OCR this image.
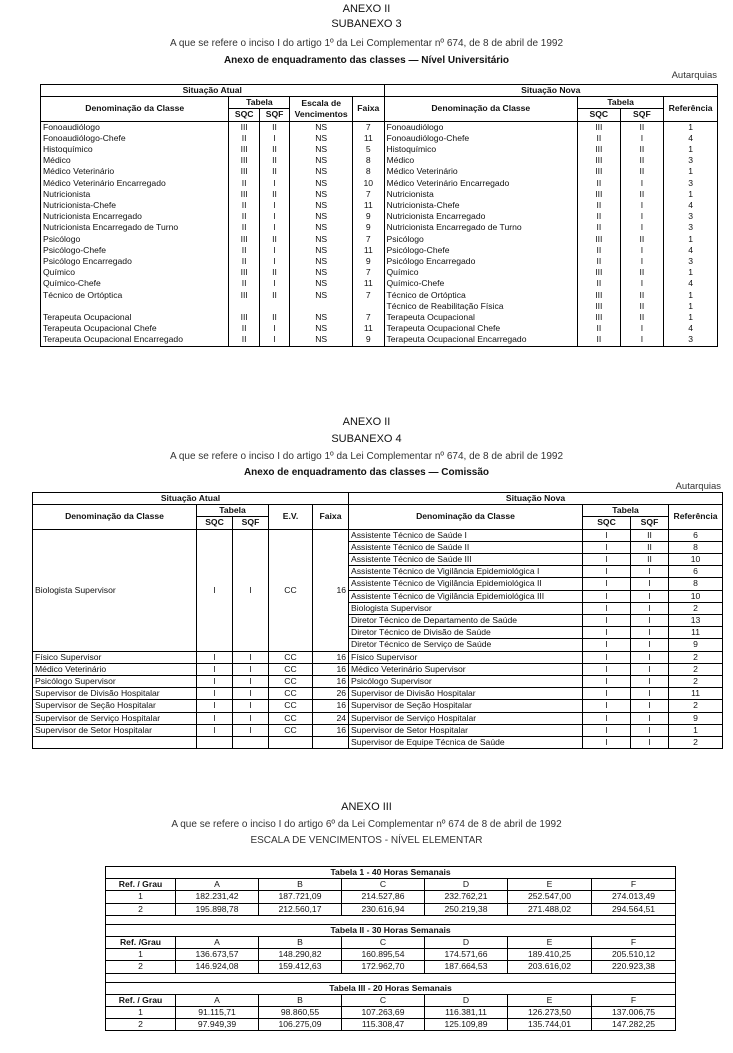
ANEXO II
SUBANEXO 3
A que se refere o inciso I do artigo 1º da Lei Complementar nº 674, de 8 de abril de 1992
Anexo de enquadramento das classes — Nível Universitário
Autarquias
Situação Atual					Situação Nova			
Denominação da Classe	Tabela		Escala de Vencimentos	Faixa	Denominação da Classe	Tabela		Referência
	SQC	SQF				SQC	SQF	
Fonoaudiólogo	III	II	NS	7	Fonoaudiólogo	III	II	1
Fonoaudiólogo-Chefe	II	I	NS	11	Fonoaudiólogo-Chefe	II	I	4
Histoquímico	III	II	NS	5	Histoquímico	III	II	1
Médico	III	II	NS	8	Médico	III	II	3
Médico Veterinário	III	II	NS	8	Médico Veterinário	III	II	1
Médico Veterinário Encarregado	II	I	NS	10	Médico Veterinário Encarregado	II	I	3
Nutricionista	III	II	NS	7	Nutricionista	III	II	1
Nutricionista-Chefe	II	I	NS	11	Nutricionista-Chefe	II	I	4
Nutricionista Encarregado	II	I	NS	9	Nutricionista Encarregado	II	I	3
Nutricionista Encarregado de Turno	II	I	NS	9	Nutricionista Encarregado de Turno	II	I	3
Psicólogo	III	II	NS	7	Psicólogo	III	II	1
Psicólogo-Chefe	II	I	NS	11	Psicólogo-Chefe	II	I	4
Psicólogo Encarregado	II	I	NS	9	Psicólogo Encarregado	II	I	3
Químico	III	II	NS	7	Químico	III	II	1
Químico-Chefe	II	I	NS	11	Químico-Chefe	II	I	4
Técnico de Ortóptica	III	II	NS	7	Técnico de Ortóptica	III	II	1
					Técnico de Reabilitação Física	III	II	1
Terapeuta Ocupacional	III	II	NS	7	Terapeuta Ocupacional	III	II	1
Terapeuta Ocupacional Chefe	II	I	NS	11	Terapeuta Ocupacional Chefe	II	I	4
Terapeuta Ocupacional Encarregado	II	I	NS	9	Terapeuta Ocupacional Encarregado	II	I	3
ANEXO II
SUBANEXO 4
A que se refere o inciso I do artigo 1º da Lei Complementar nº 674, de 8 de abril de 1992
Anexo de enquadramento das classes — Comissão
Autarquias
Situação Atual					Situação Nova			
Denominação da Classe	Tabela		E.V.	Faixa	Denominação da Classe	Tabela		Referência
	SQC	SQF				SQC	SQF	
Biologista Supervisor	I	I	CC	16	Assistente Técnico de Saúde I	I	II	6
					Assistente Técnico de Saúde II	I	II	8
					Assistente Técnico de Saúde III	I	II	10
					Assistente Técnico de Vigilância Epidemiológica I	I	I	6
					Assistente Técnico de Vigilância Epidemiológica II	I	I	8
					Assistente Técnico de Vigilância Epidemiológica III	I	I	10
					Biologista Supervisor	I	I	2
					Diretor Técnico de Departamento de Saúde	I	I	13
					Diretor Técnico de Divisão de Saúde	I	I	11
					Diretor Técnico de Serviço de Saúde	I	I	9
Físico Supervisor	I	I	CC	16	Físico Supervisor	I	I	2
Médico Veterinário	I	I	CC	16	Médico Veterinário Supervisor	I	I	2
Psicólogo Supervisor	I	I	CC	16	Psicólogo Supervisor	I	I	2
Supervisor de Divisão Hospitalar	I	I	CC	26	Supervisor de Divisão Hospitalar	I	I	11
Supervisor de Seção Hospitalar	I	I	CC	16	Supervisor de Seção Hospitalar	I	I	2
Supervisor de Serviço Hospitalar	I	I	CC	24	Supervisor de Serviço Hospitalar	I	I	9
Supervisor de Setor Hospitalar	I	I	CC	16	Supervisor de Setor Hospitalar	I	I	1
					Supervisor de Equipe Técnica de Saúde	I	I	2
ANEXO III
A que se refere o inciso I do artigo 6º da Lei Complementar nº 674 de 8 de abril de 1992
ESCALA DE VENCIMENTOS - NÍVEL ELEMENTAR
Tabela 1 - 40 Horas Semanais						
Ref. / Grau	A	B	C	D	E	F
1	182.231,42	187.721,09	214.527,86	232.762,21	252.547,00	274.013,49
2	195.898,78	212.560,17	230.616,94	250.219,38	271.488,02	294.564,51

Tabela II - 30 Horas Semanais						
Ref. /Grau	A	B	C	D	E	F
1	136.673,57	148.290,82	160.895,54	174.571,66	189.410,25	205.510,12
2	146.924,08	159.412,63	172.962,70	187.664,53	203.616,02	220.923,38

Tabela III - 20 Horas Semanais						
Ref. / Grau	A	B	C	D	E	F
1	91.115,71	98.860,55	107.263,69	116.381,11	126.273,50	137.006,75
2	97.949,39	106.275,09	115.308,47	125.109,89	135.744,01	147.282,25
